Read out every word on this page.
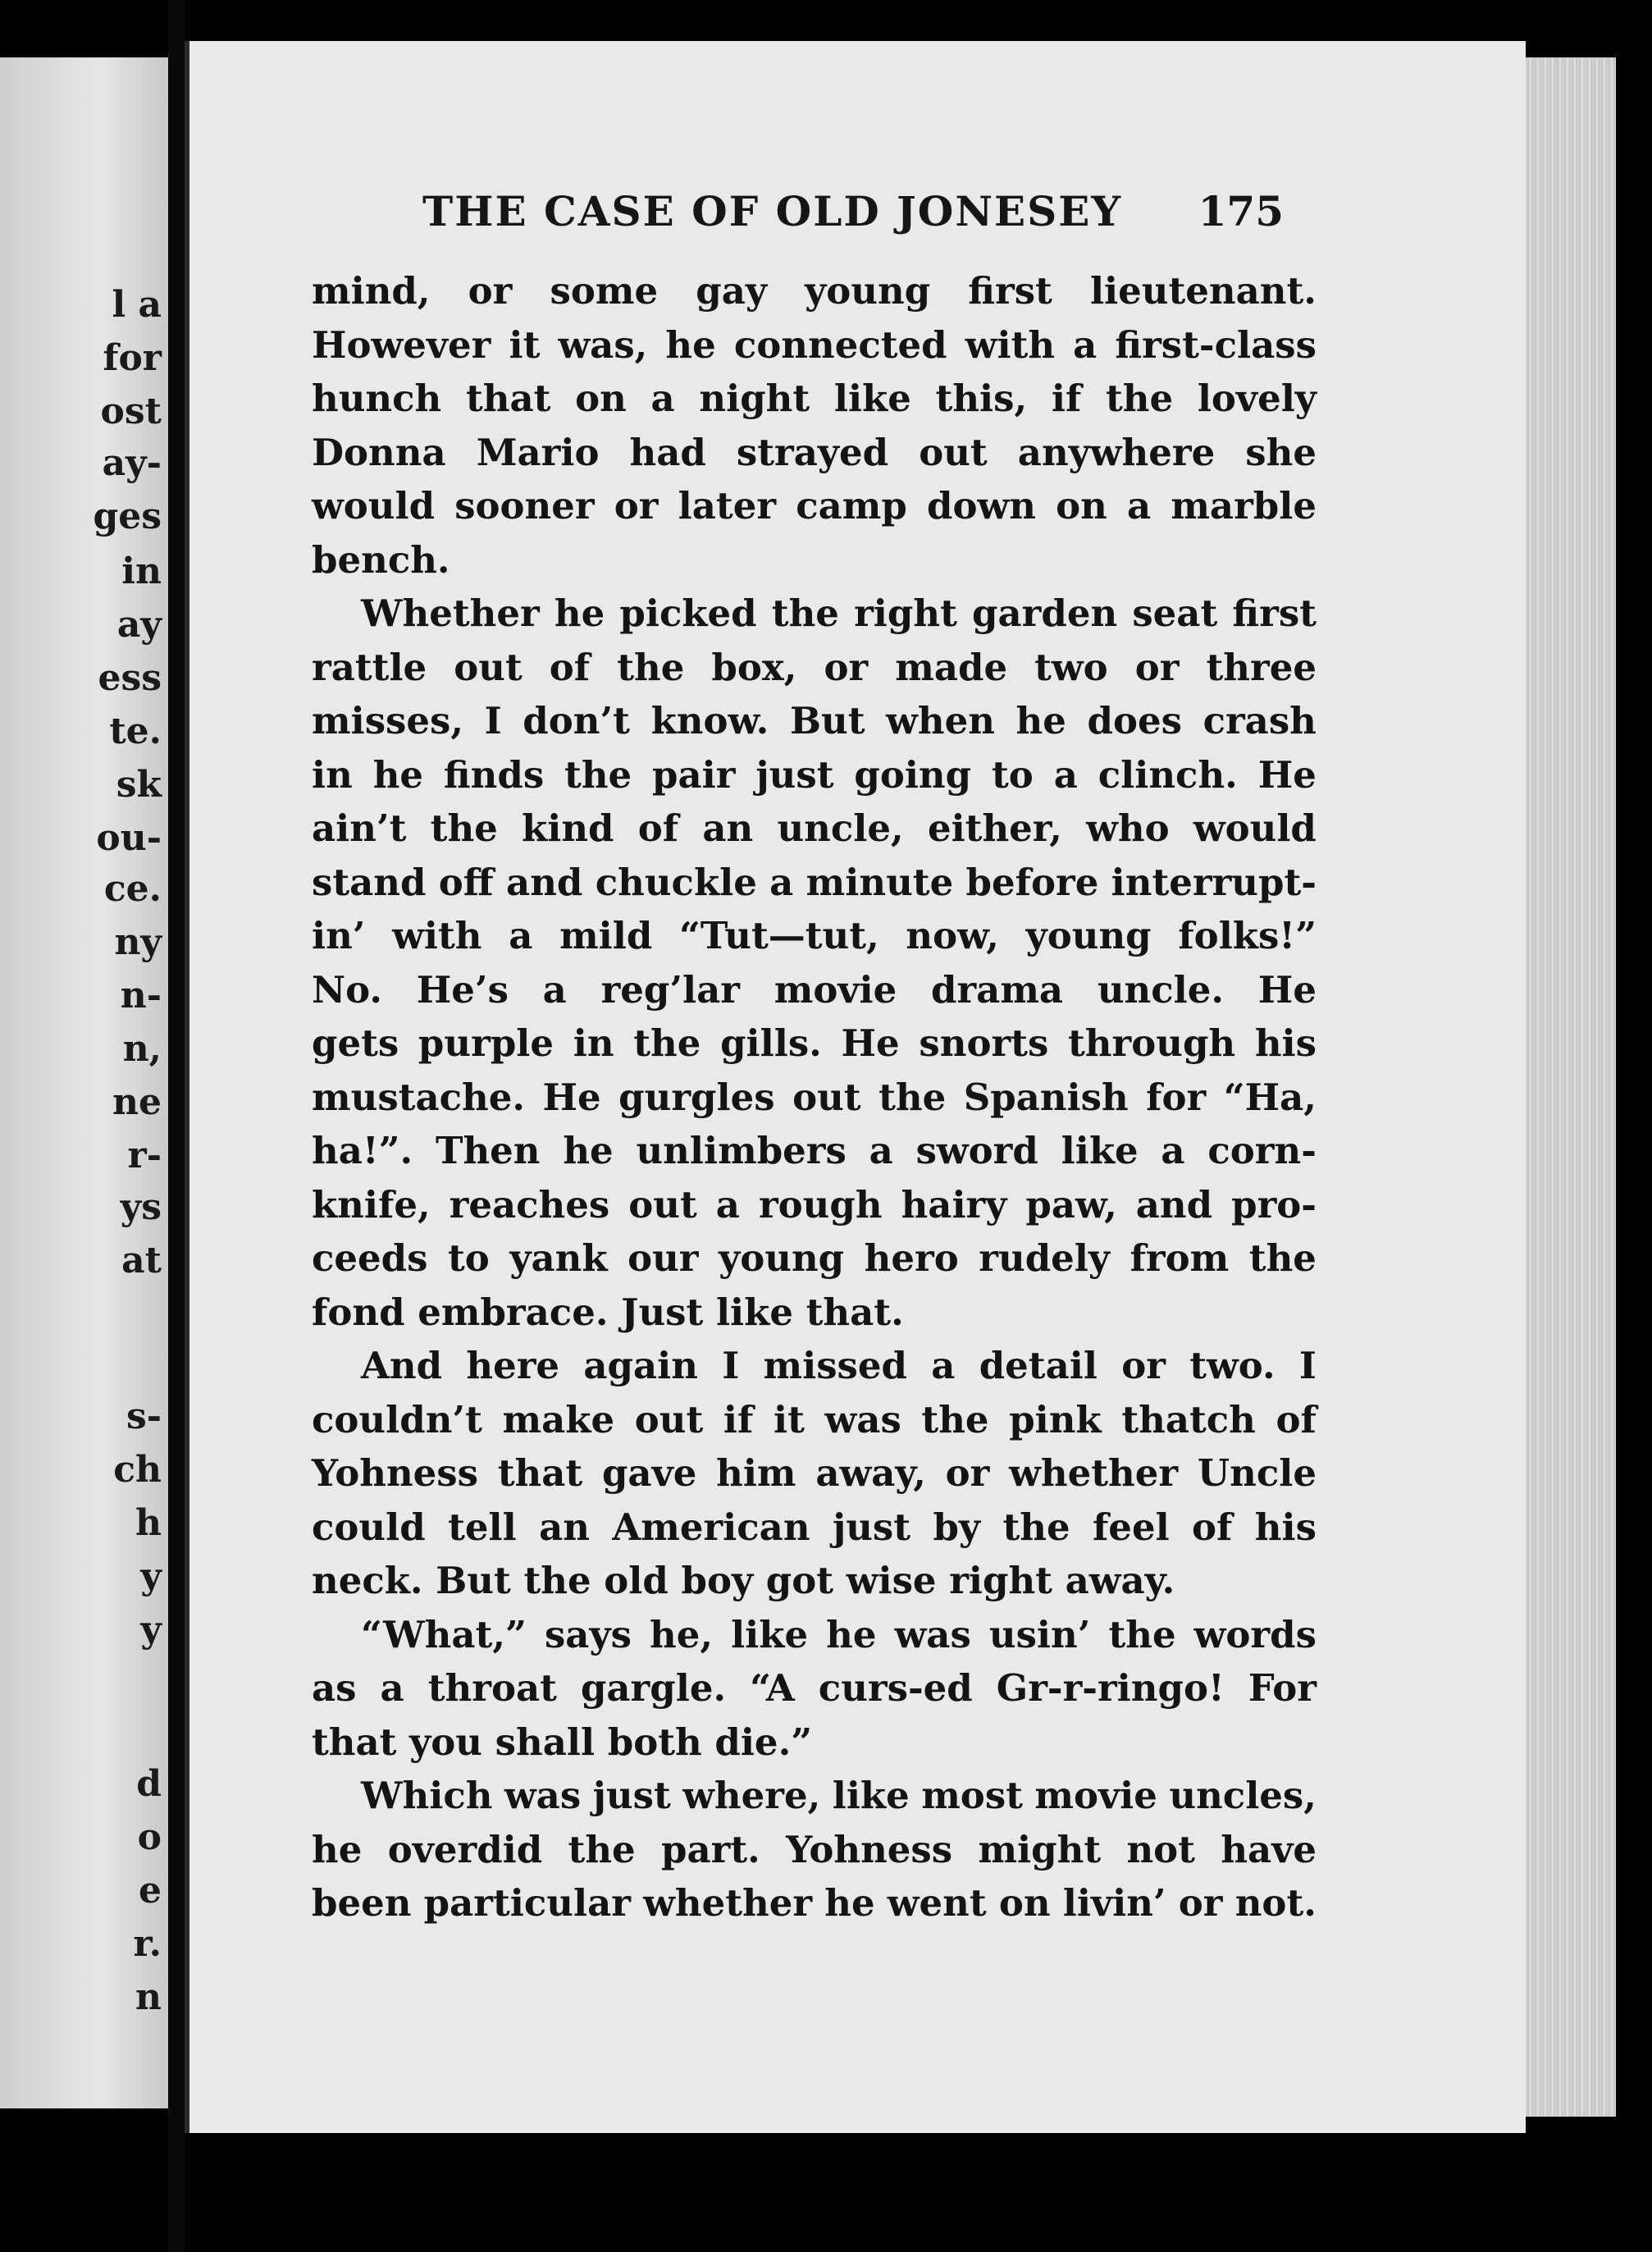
l a
for
ost
ay-
ges
in
ay
ess
te.
sk
ou-
ce.
ny
n-
n,
ne
r-
ys
at
s-
ch
h
y
y
d
o
e
r.
n
THE CASE OF OLD JONESEY 175
mind, or some gay young first lieutenant.
However it was, he connected with a first-class
hunch that on a night like this, if the lovely
Donna Mario had strayed out anywhere she
would sooner or later camp down on a marble
bench.
Whether he picked the right garden seat first
rattle out of the box, or made two or three
misses, I don’t know. But when he does crash
in he finds the pair just going to a clinch. He
ain’t the kind of an uncle, either, who would
stand off and chuckle a minute before interrupt-
in’ with a mild “Tut—tut, now, young folks!”
No. He’s a reg’lar movie drama uncle. He
gets purple in the gills. He snorts through his
mustache. He gurgles out the Spanish for “Ha,
ha!”. Then he unlimbers a sword like a corn-
knife, reaches out a rough hairy paw, and pro-
ceeds to yank our young hero rudely from the
fond embrace. Just like that.
And here again I missed a detail or two. I
couldn’t make out if it was the pink thatch of
Yohness that gave him away, or whether Uncle
could tell an American just by the feel of his
neck. But the old boy got wise right away.
“What,” says he, like he was usin’ the words
as a throat gargle. “A curs-ed Gr-r-ringo! For
that you shall both die.”
Which was just where, like most movie uncles,
he overdid the part. Yohness might not have
been particular whether he went on livin’ or not.
